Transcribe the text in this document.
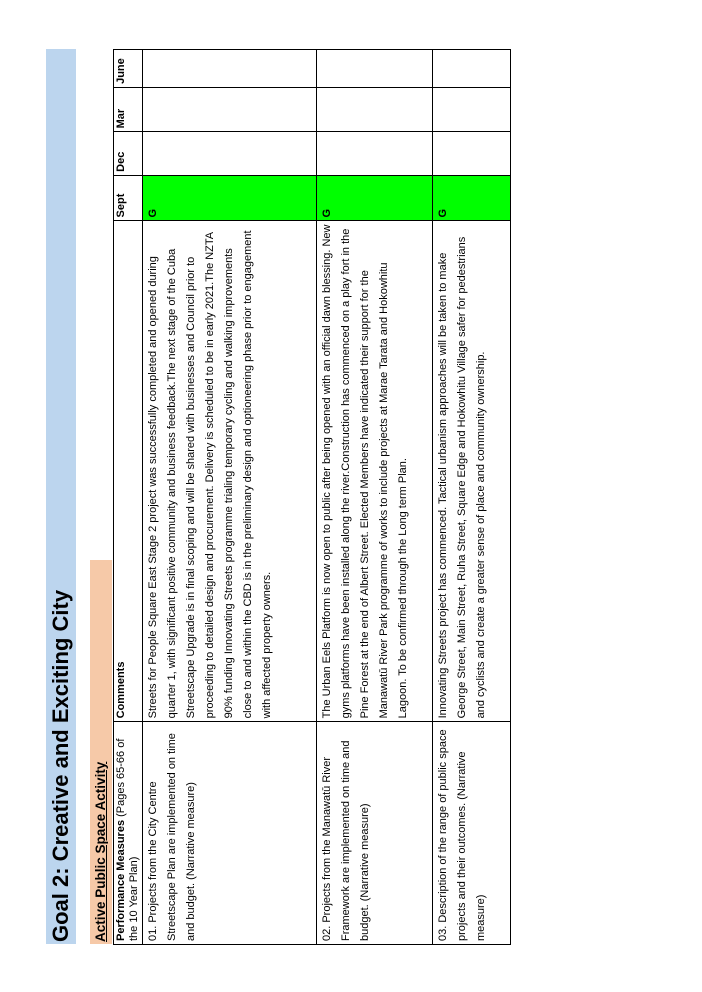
Goal 2: Creative and Exciting City Active Public Space Activity Performance Measures (Pages 65-66 of the 10 Year Plan)	Comments	Sept	Dec	Mar	June
01. Projects from the City Centre Streetscape Plan are implemented on time and budget. (Narrative measure)	Streets for People Square East Stage 2 project was successfully completed and opened during quarter 1, with significant positive community and business feedback.The next stage of the Cuba Streetscape Upgrade is in final scoping and will be shared with businesses and Council prior to proceeding to detailed design and procurement. Delivery is scheduled to be in early 2021.The NZTA 90% funding Innovating Streets programme trialing temporary cycling and walking improvements close to and within the CBD is in the preliminary design and optioneering phase prior to engagement with affected property owners.	G			
02. Projects from the Manawatū River Framework are implemented on time and budget. (Narrative measure)	The Urban Eels Platform is now open to public after being opened with an official dawn blessing. New gyms platforms have been installed along the river.Construction has commenced on a play fort in the Pine Forest at the end of Albert Street. Elected Members have indicated their support for the Manawatū River Park programme of works to include projects at Marae Tarata and Hokowhitu Lagoon. To be confirmed through the Long term Plan.	G			
03. Description of the range of public space projects and their outcomes. (Narrative measure)	Innovating Streets project has commenced. Tactical urbanism approaches will be taken to make George Street, Main Street, Ruha Street, Square Edge and Hokowhitu Village safer for pedestrians and cyclists and create a greater sense of place and community ownership.	G			
